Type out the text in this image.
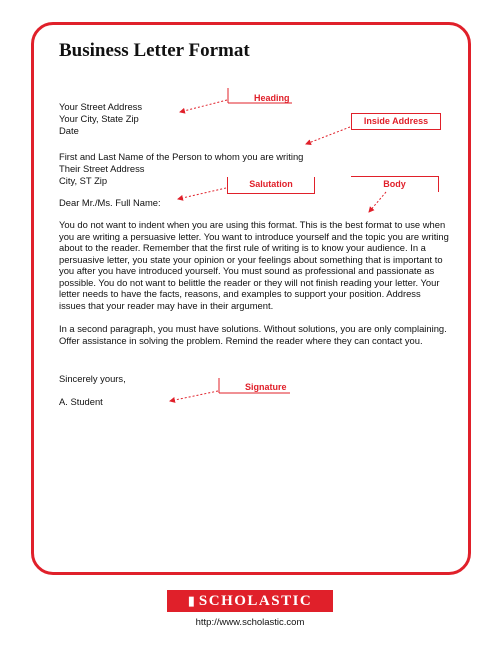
Business Letter Format
Your Street Address
Your City, State Zip
Date
First and Last Name of the Person to whom you are writing
Their Street Address
City, ST Zip
Dear Mr./Ms. Full Name:
You do not want to indent when you are using this format. This is the best format to use when you are writing a persuasive letter. You want to introduce yourself and the topic you are writing about to the reader. Remember that the first rule of writing is to know your audience. In a persuasive letter, you state your opinion or your feelings about something that is important to you after you have introduced yourself. You must sound as professional and passionate as possible. You do not want to belittle the reader or they will not finish reading your letter. Your letter needs to have the facts, reasons, and examples to support your position. Address issues that your reader may have in their argument.
In a second paragraph, you must have solutions. Without solutions, you are only complaining. Offer assistance in solving the problem. Remind the reader where they can contact you.
Sincerely yours,
A. Student
Heading
Inside Address
Salutation	Body
Signature
▮ SCHOLASTIC
http://www.scholastic.com
